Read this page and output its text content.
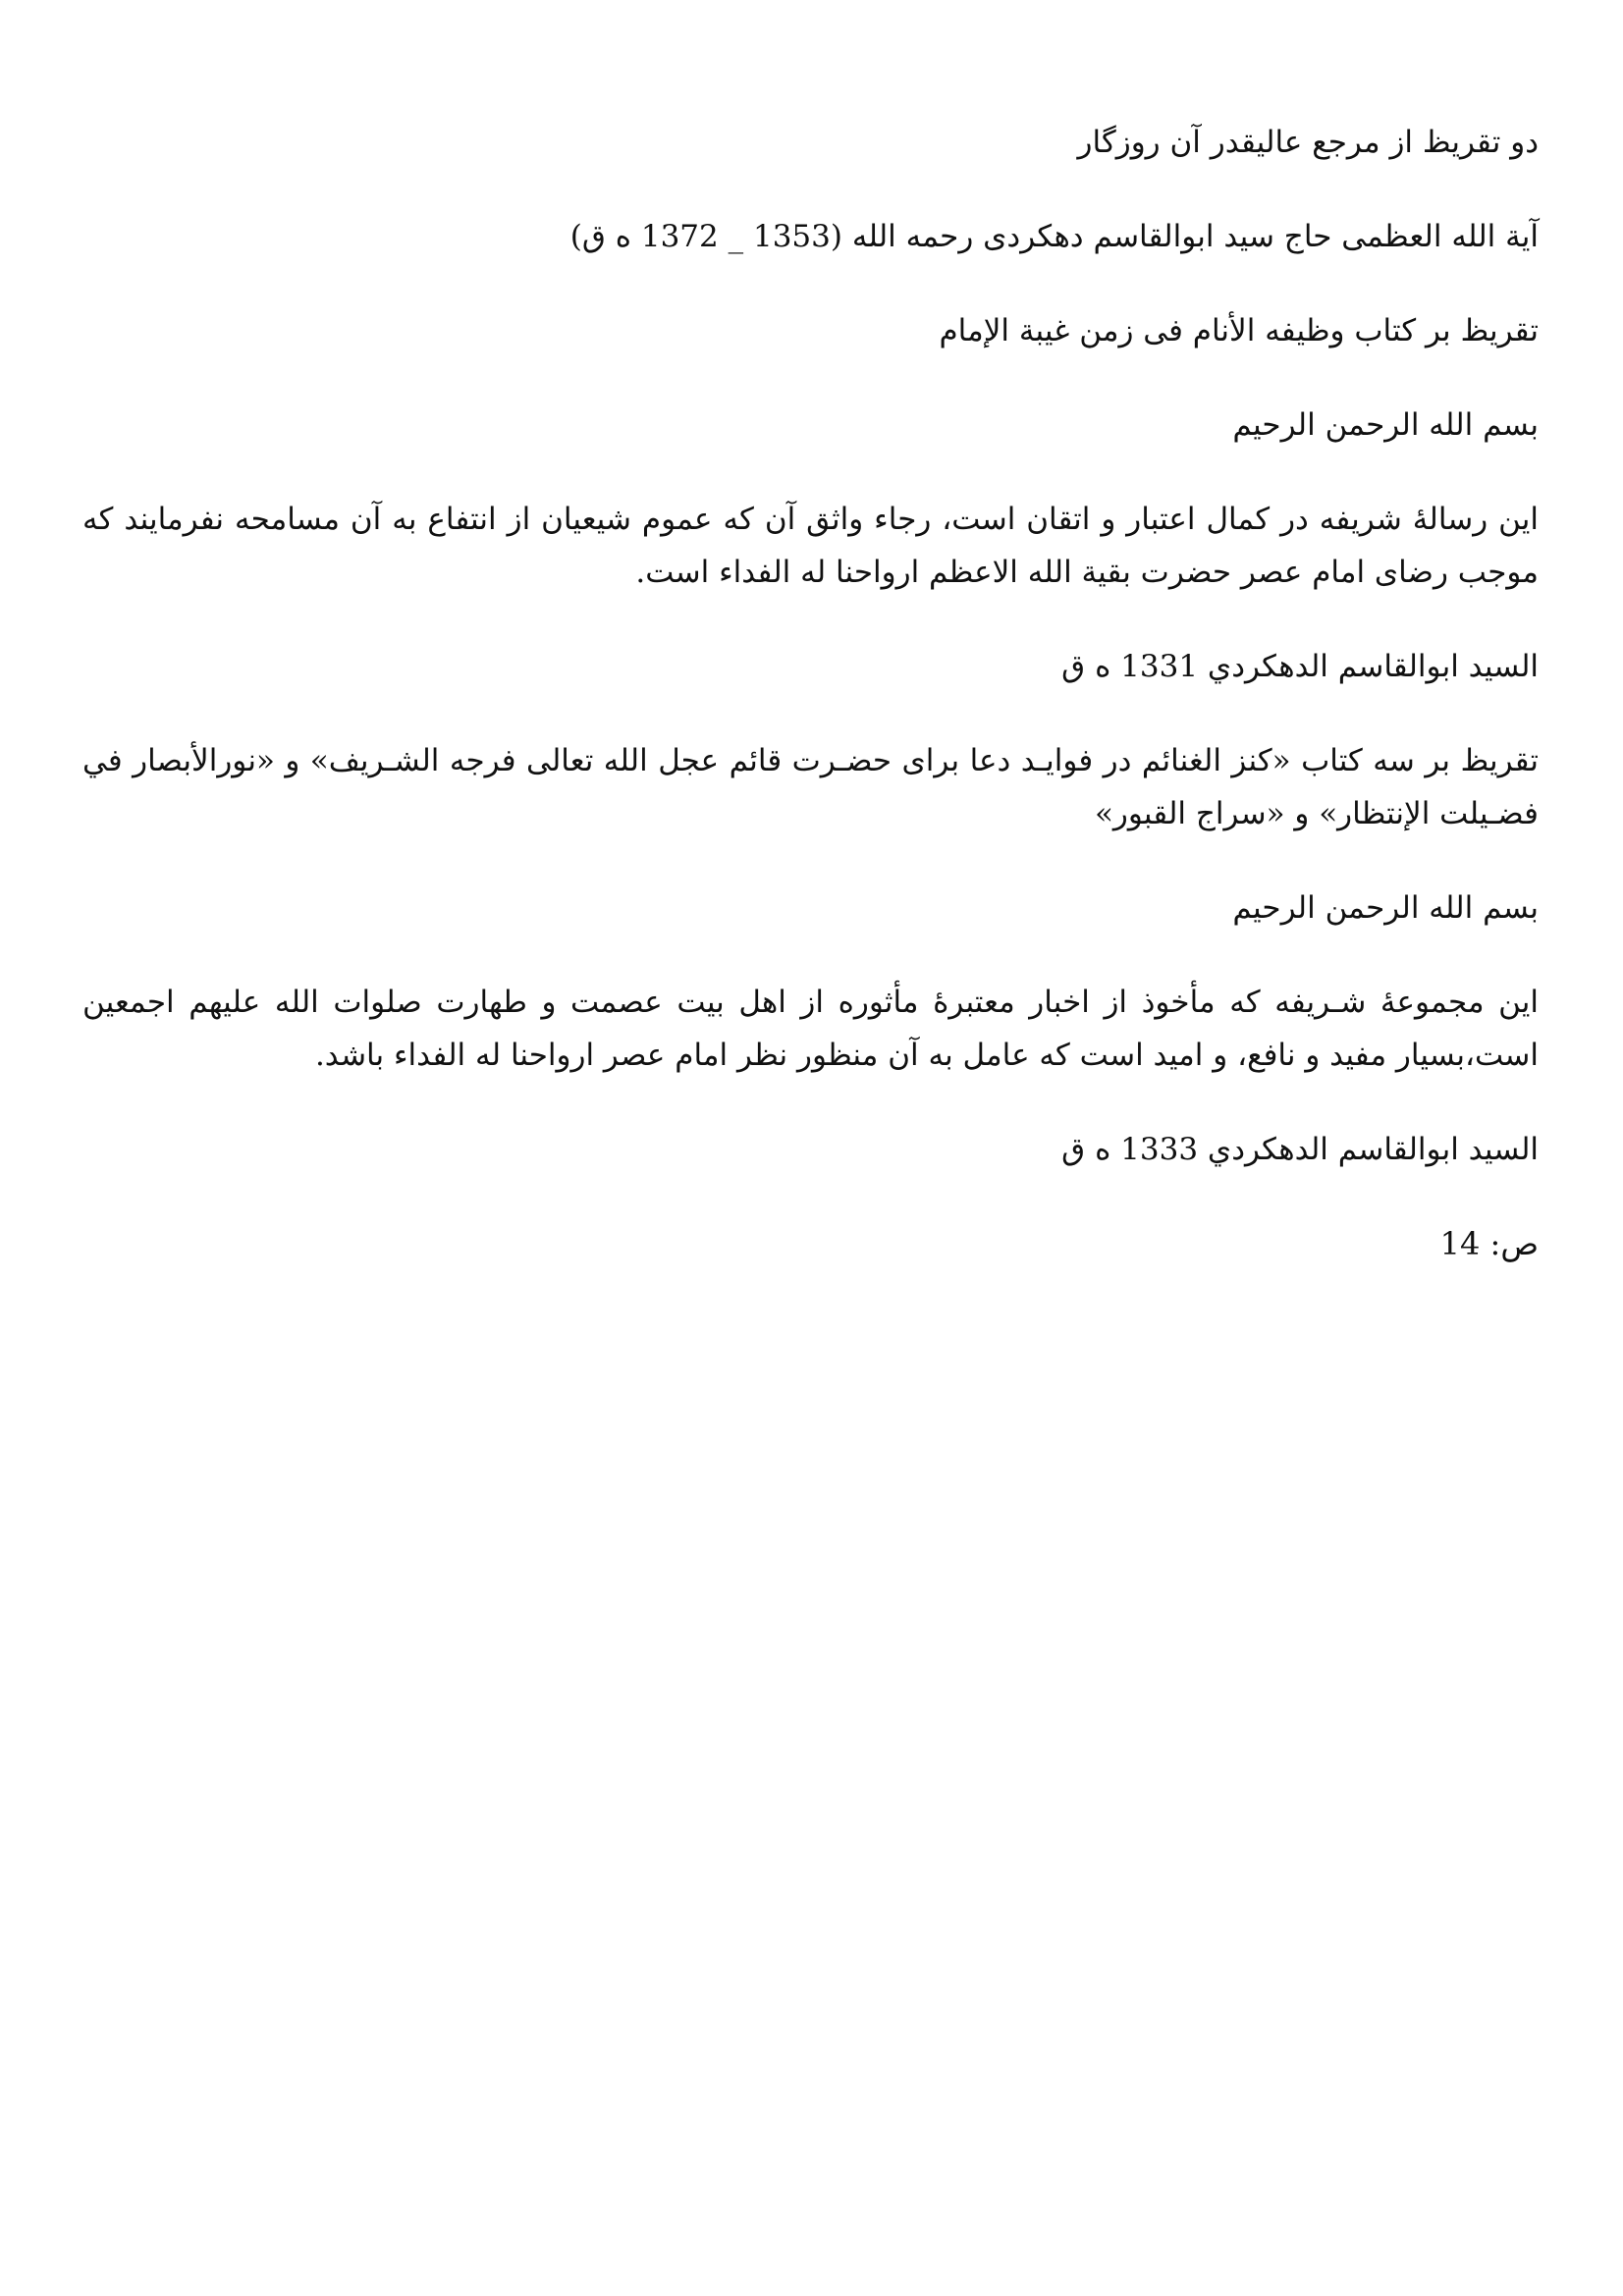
دو تقریظ از مرجع عالیقدر آن روزگار

آیة الله العظمی حاج سید ابوالقاسم دهکردی رحمه الله (1353 _ 1372 ه ق)

تقریظ بر کتاب وظیفه الأنام فی زمن غیبة الإمام

بسم الله الرحمن الرحيم

این رسالهٔ شریفه در کمال اعتبار و اتقان است، رجاء واثق آن که عموم شیعیان از انتفاع به آن مسامحه نفرمایند که موجب رضای امام عصر حضرت بقیة الله الاعظم ارواحنا له الفداء است.

السید ابوالقاسم الدهکردي 1331 ه ق

تقریظ بر سه کتاب «کنز الغنائم در فوایـد دعا برای حضـرت قائم عجل الله تعالی فرجه الشـریف» و «نورالأبصار في فضـیلت الإنتظار» و «سراج القبور»

بسم الله الرحمن الرحيم

این مجموعهٔ شـریفه که مأخوذ از اخبار معتبرهٔ مأثوره از اهل بیت عصمت و طهارت صلوات الله علیهم اجمعین است،بسیار مفید و نافع، و امید است که عامل به آن منظور نظر امام عصر ارواحنا له الفداء باشد.

السید ابوالقاسم الدهکردي 1333 ه ق

ص: 14
